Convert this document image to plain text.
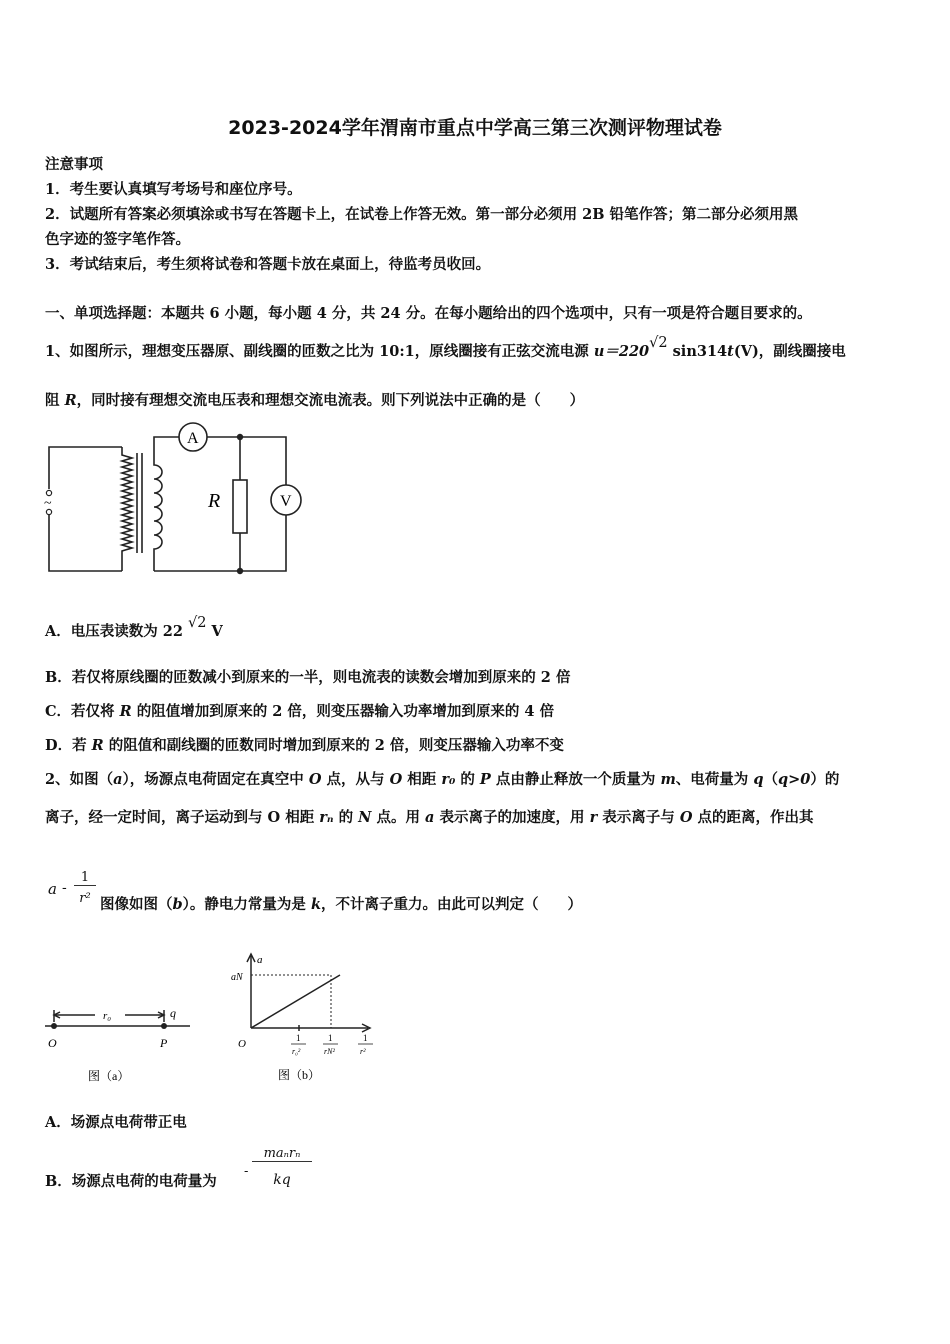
2023-2024学年渭南市重点中学高三第三次测评物理试卷
注意事项
1．考生要认真填写考场号和座位序号。
2．试题所有答案必须填涂或书写在答题卡上，在试卷上作答无效。第一部分必须用 2B 铅笔作答；第二部分必须用黑
色字迹的签字笔作答。
3．考试结束后，考生须将试卷和答题卡放在桌面上，待监考员收回。
一、单项选择题：本题共 6 小题，每小题 4 分，共 24 分。在每小题给出的四个选项中，只有一项是符合题目要求的。
1、如图所示，理想变压器原、副线圈的匝数之比为 10:1，原线圈接有正弦交流电源 u＝220√2 sin314t(V)，副线圈接电
阻 R，同时接有理想交流电压表和理想交流电流表。则下列说法中正确的是（　　）
~
A
V
R
A．电压表读数为 22 √2 V
B．若仅将原线圈的匝数减小到原来的一半，则电流表的读数会增加到原来的 2 倍
C．若仅将 R 的阻值增加到原来的 2 倍，则变压器输入功率增加到原来的 4 倍
D．若 R 的阻值和副线圈的匝数同时增加到原来的 2 倍，则变压器输入功率不变
2、如图（a），场源点电荷固定在真空中 O 点，从与 O 相距 r₀ 的 P 点由静止释放一个质量为 m、电荷量为 q（q>0）的
离子，经一定时间，离子运动到与 O 相距 rₙ 的 N 点。用 a 表示离子的加速度，用 r 表示离子与 O 点的距离，作出其
a -
1
r² 图像如图（b）。静电力常量为是 k，不计离子重力。由此可以判定（　　）
r₀	q
O	P
图（a）
a
aN
O	1
r₀²
1
rN²
1
r²
图（b）
A．场源点电荷带正电
B．场源点电荷的电荷量为
-
maₙrₙ
kq
